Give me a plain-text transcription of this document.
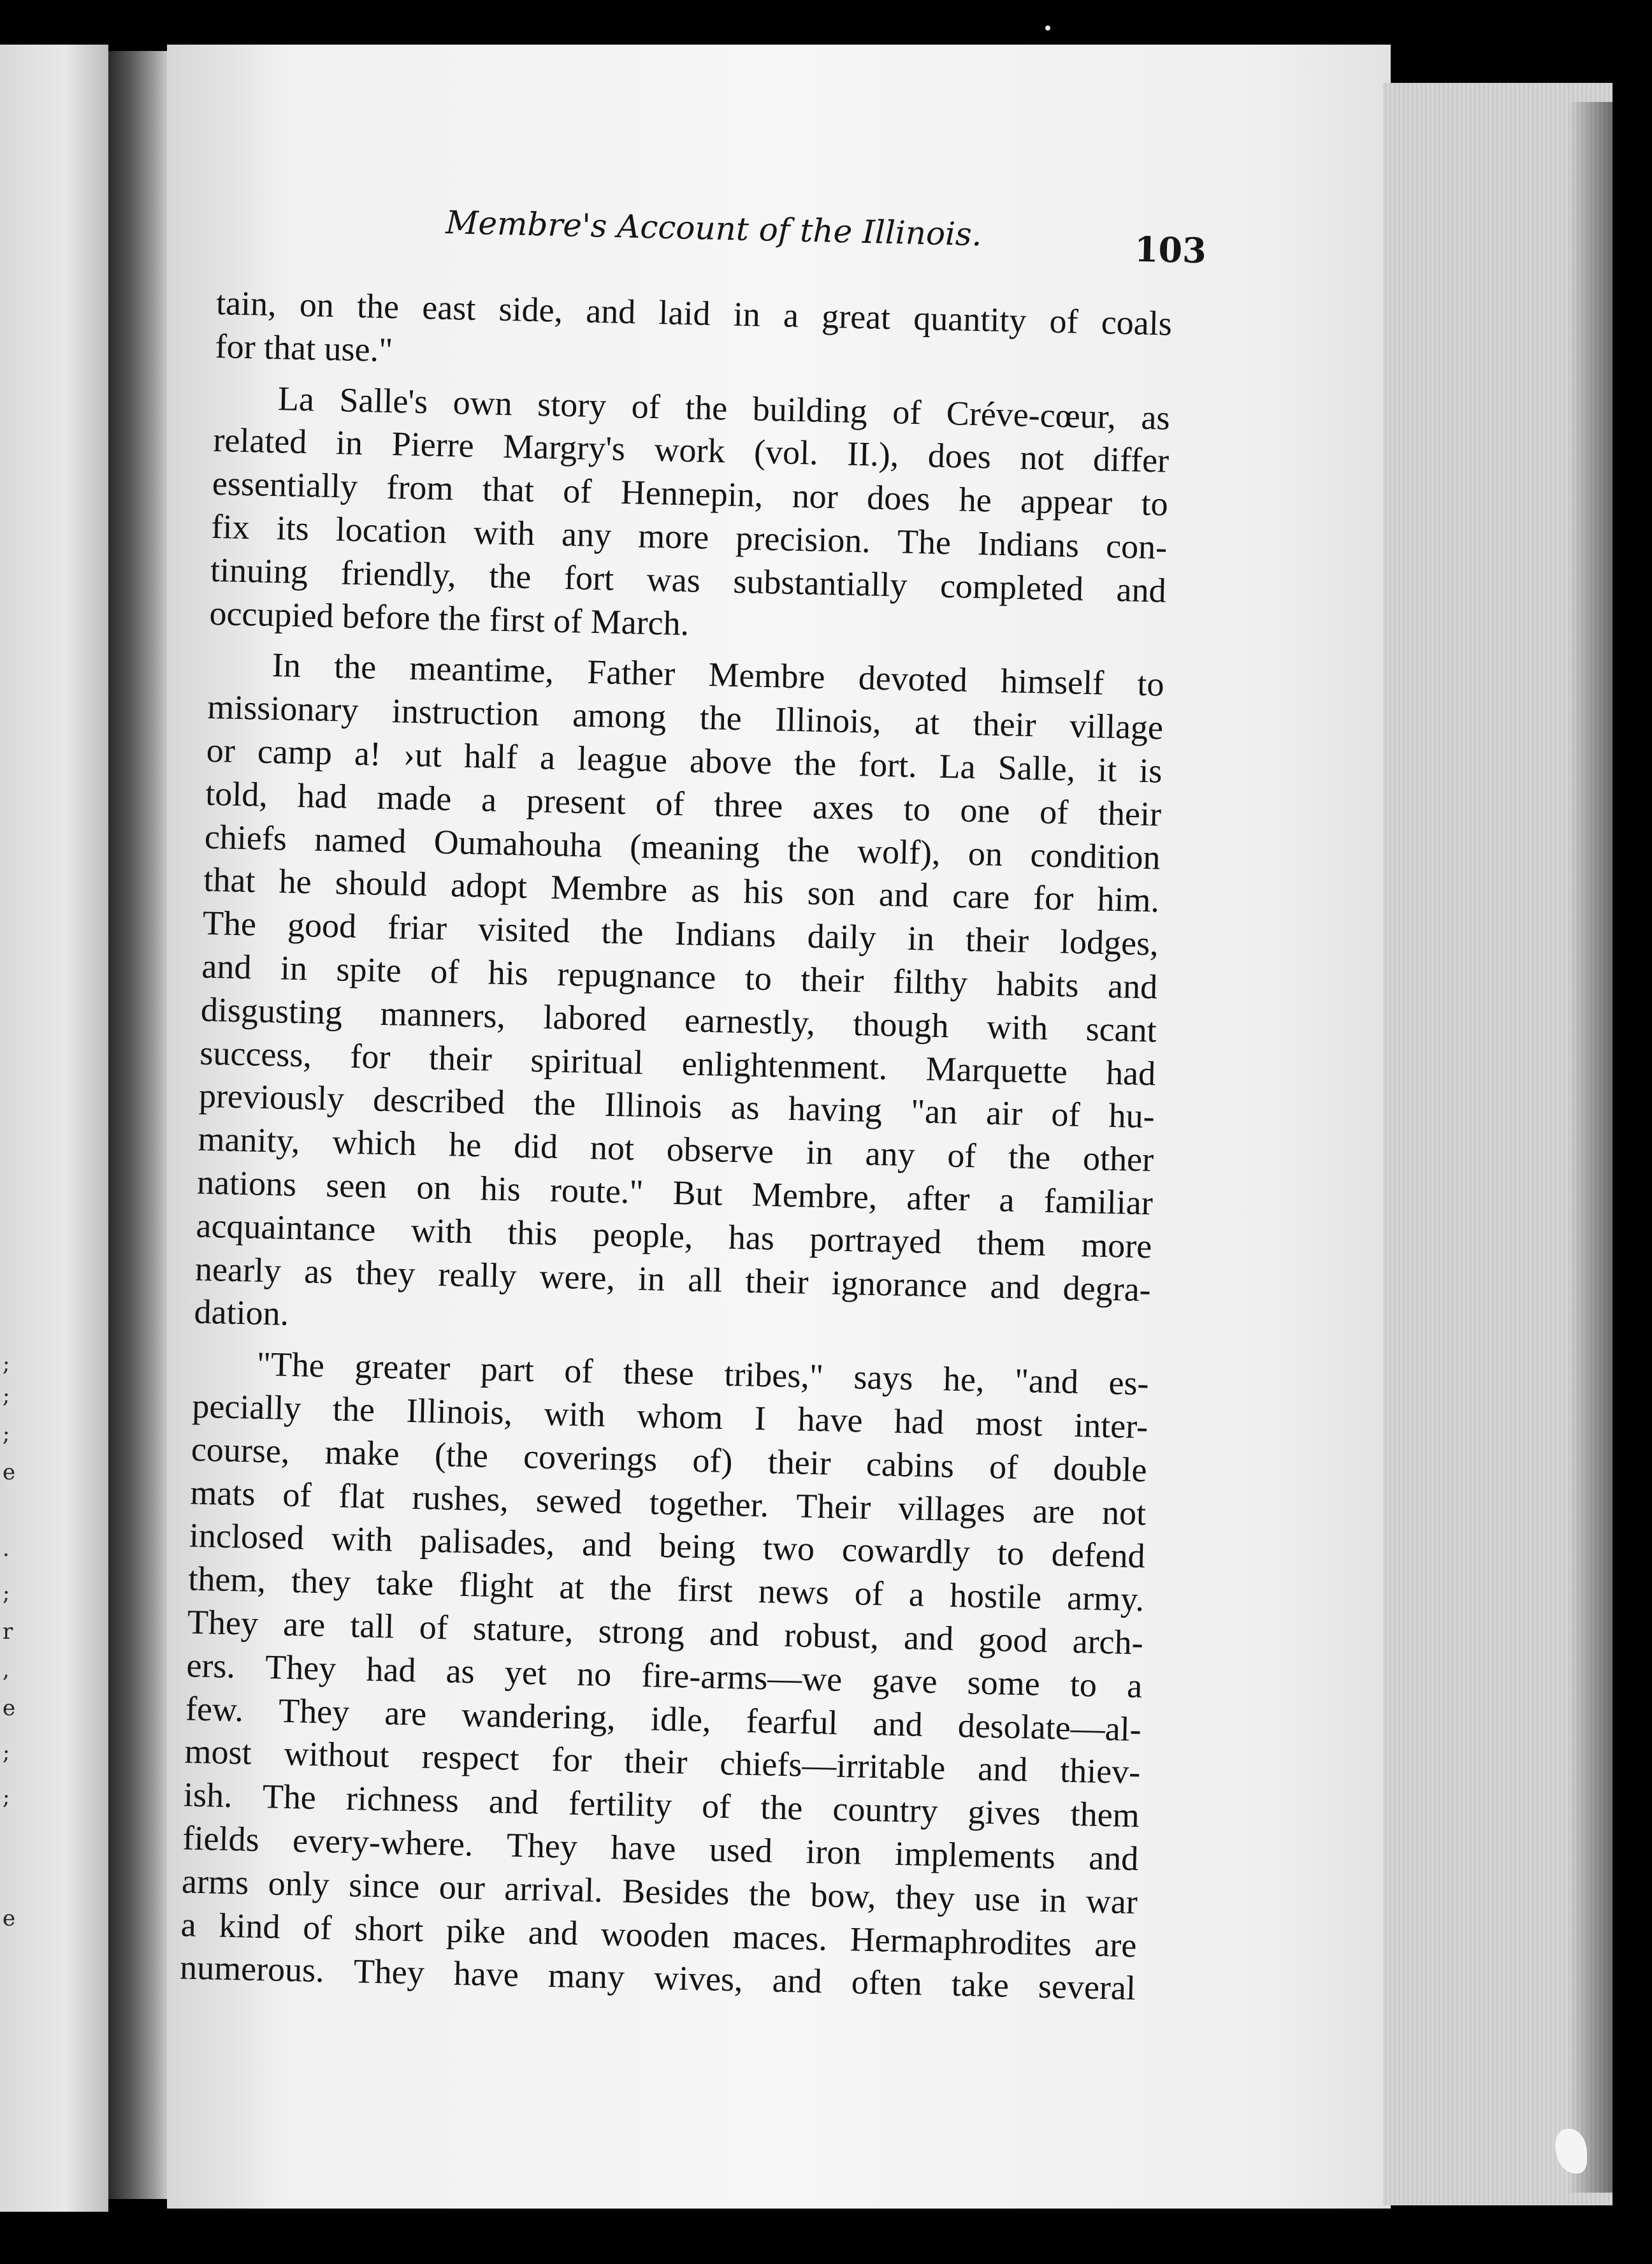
;
;
;
e
·
;
r
,
e
;
;
e
Membre's Account of the Illinois.	103
tain, on the east side, and laid in a great quantity of coals
for that use."
La Salle's own story of the building of Créve-cœur, as
related in Pierre Margry's work (vol. II.), does not differ
essentially from that of Hennepin, nor does he appear to
fix its location with any more precision. The Indians con-
tinuing friendly, the fort was substantially completed and
occupied before the first of March.
In the meantime, Father Membre devoted himself to
missionary instruction among the Illinois, at their village
or camp a! ›ut half a league above the fort. La Salle, it is
told, had made a present of three axes to one of their
chiefs named Oumahouha (meaning the wolf), on condition
that he should adopt Membre as his son and care for him.
The good friar visited the Indians daily in their lodges,
and in spite of his repugnance to their filthy habits and
disgusting manners, labored earnestly, though with scant
success, for their spiritual enlightenment. Marquette had
previously described the Illinois as having "an air of hu-
manity, which he did not observe in any of the other
nations seen on his route." But Membre, after a familiar
acquaintance with this people, has portrayed them more
nearly as they really were, in all their ignorance and degra-
dation.
"The greater part of these tribes," says he, "and es-
pecially the Illinois, with whom I have had most inter-
course, make (the coverings of) their cabins of double
mats of flat rushes, sewed together. Their villages are not
inclosed with palisades, and being two cowardly to defend
them, they take flight at the first news of a hostile army.
They are tall of stature, strong and robust, and good arch-
ers. They had as yet no fire-arms—we gave some to a
few. They are wandering, idle, fearful and desolate—al-
most without respect for their chiefs—irritable and thiev-
ish. The richness and fertility of the country gives them
fields every-where. They have used iron implements and
arms only since our arrival. Besides the bow, they use in war
a kind of short pike and wooden maces. Hermaphrodites are
numerous. They have many wives, and often take several
